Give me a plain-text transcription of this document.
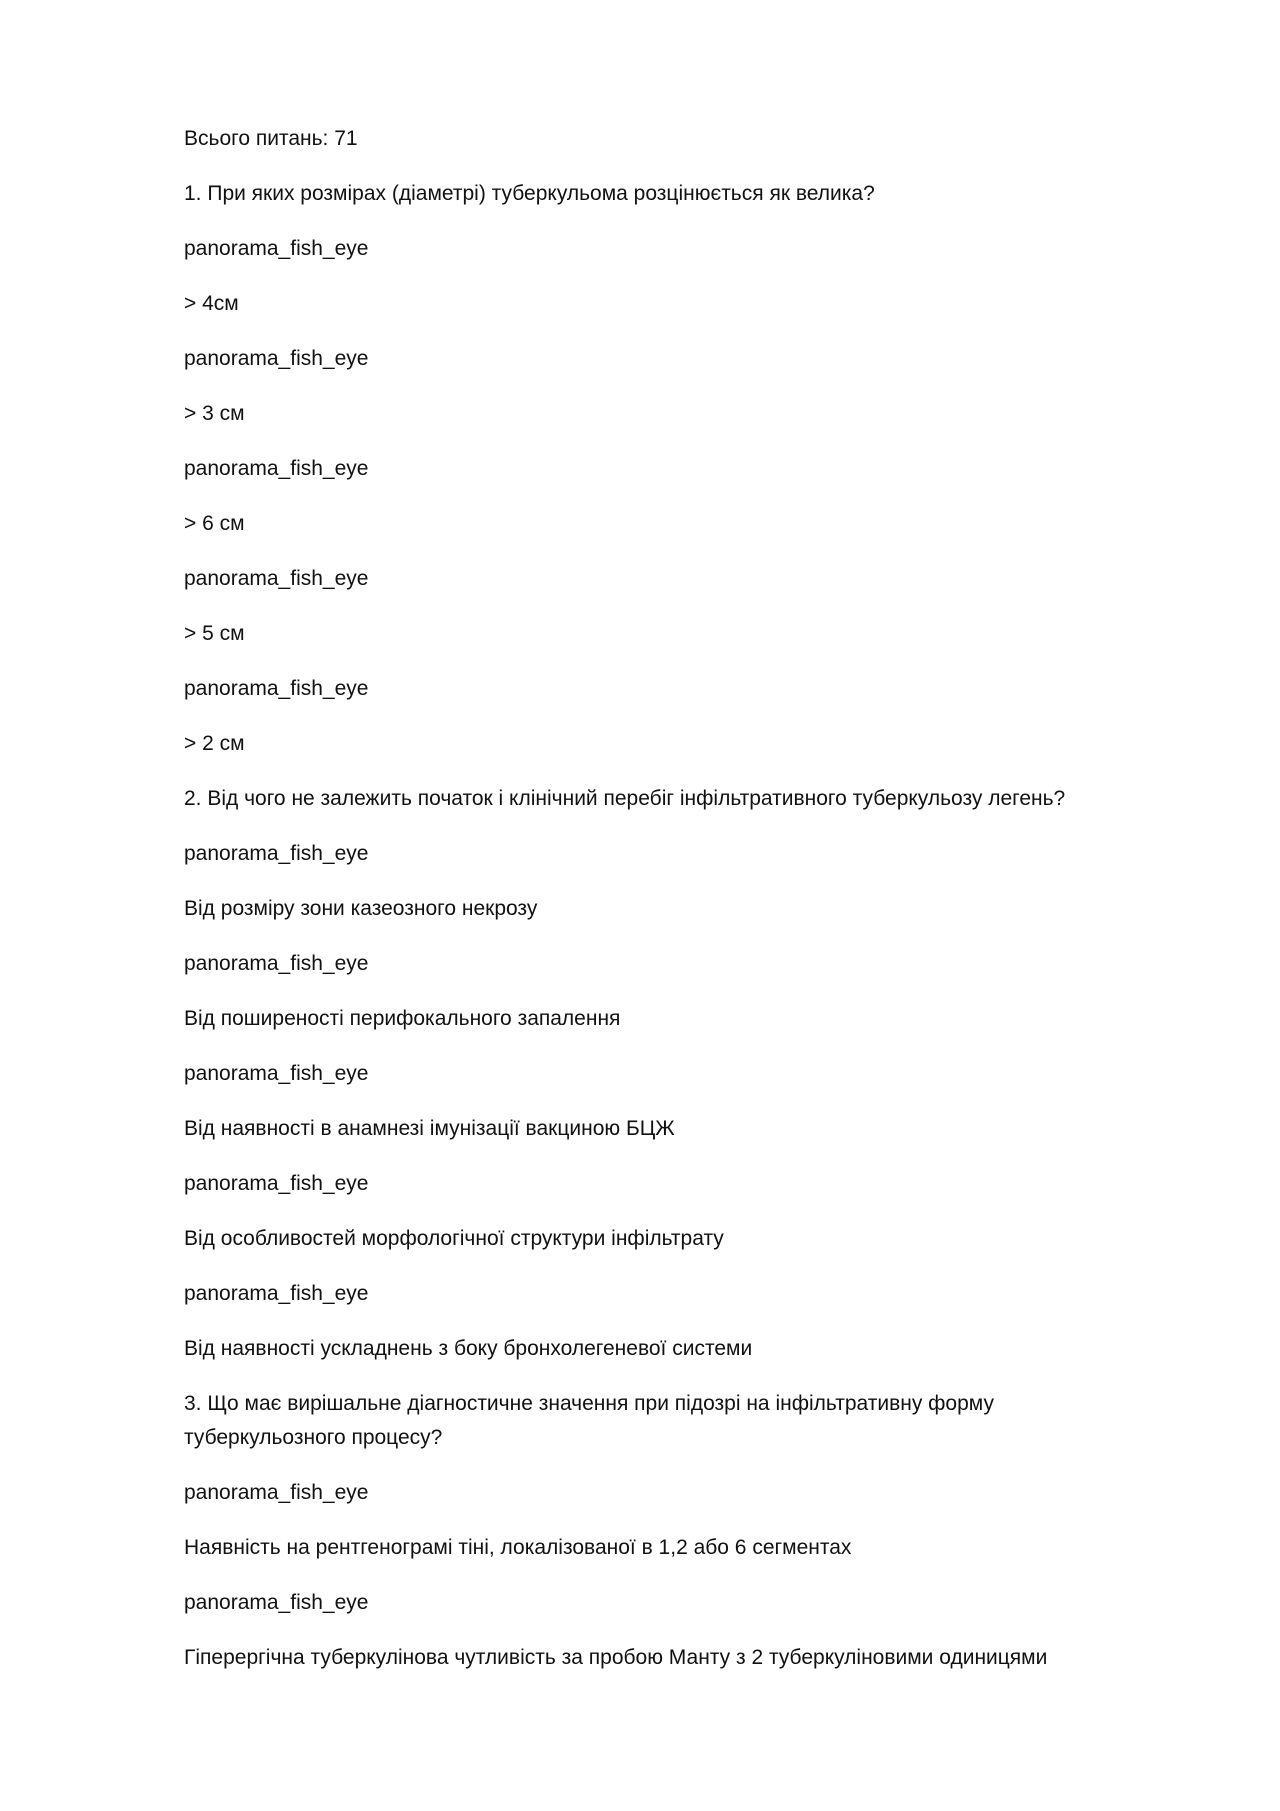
Всього питань: 71
1. При яких розмірах (діаметрі) туберкульома розцінюється як велика?
panorama_fish_eye
> 4см
panorama_fish_eye
> 3 см
panorama_fish_eye
> 6 см
panorama_fish_eye
> 5 см
panorama_fish_eye
> 2 см
2. Від чого не залежить початок і клінічний перебіг інфільтративного туберкульозу легень?
panorama_fish_eye
Від розміру зони казеозного некрозу
panorama_fish_eye
Від поширеності перифокального запалення
panorama_fish_eye
Від наявності в анамнезі імунізації вакциною БЦЖ
panorama_fish_eye
Від особливостей морфологічної структури інфільтрату
panorama_fish_eye
Від наявності ускладнень з боку бронхолегеневої системи
3. Що має вирішальне діагностичне значення при підозрі на інфільтративну форму туберкульозного процесу?
panorama_fish_eye
Наявність на рентгенограмі тіні, локалізованої в 1,2 або 6 сегментах
panorama_fish_eye
Гіперергічна туберкулінова чутливість за пробою Манту з 2 туберкуліновими одиницями
